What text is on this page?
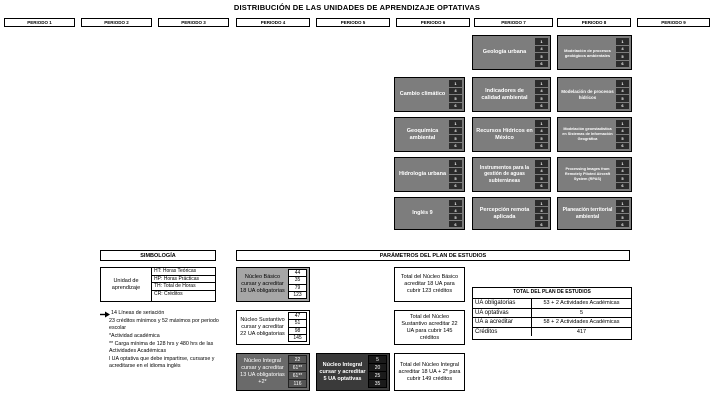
DISTRIBUCIÓN DE LAS UNIDADES DE APRENDIZAJE OPTATIVAS
PERIODO 1	PERIODO 2	PERIODO 3	PERIODO 4	PERIODO 5	PERIODO 6	PERIODO 7	PERIODO 8	PERIODO 9
Geología urbana
1
4
5
6
Modelación de procesos geológicos ambientales
1
4
5
6
Cambio climático
1
4
5
6
Indicadores de calidad ambiental
1
4
5
6
Modelación de procesos hídricos
1
4
5
6
Geoquímica ambiental
1
4
5
6
Recursos Hídricos en México
1
4
5
6
Modelación geoestadística en Sistemas de Información Geográfica
1
4
5
6
Hidrología urbana
1
4
5
6
Instrumentos para la gestión de aguas subterráneas
1
4
5
6
Processing Images from Remotely Piloted Aircraft System (RPAS)
1
4
5
6
Inglés 9
1
4
5
6
Percepción remota aplicada
1
4
5
6
Planeación territorial ambiental
1
4
5
6
SIMBOLOGÍA
Unidad de aprendizaje
HT: Horas Teóricas
HP: Horas Prácticas
TH: Total de Horas
CR: Créditos
14 Líneas de seriación
23 créditos mínimos y 52 máximos por periodo escolar
*Actividad académica
** Carga mínima de 128 hrs y 480 hrs de las Actividades Académicas
l UA optativa que debe impartirse, cursarse y acreditarse en el idioma inglés
PARÁMETROS DEL PLAN DE ESTUDIOS
Núcleo Básico cursar y acreditar 18 UA obligatorias
44
35
79
123
Núcleo Sustantivo cursar y acreditar 22 UA obligatorias
47
51
98
145
Núcleo Integral cursar y acreditar 13 UA obligatorias +2*
22
61**
61**
116
Núcleo Integral cursar y acreditar 5 UA optativas
5
20
25
35
Total del Núcleo Básico acreditar 18 UA para cubrir 123 créditos
Total del Núcleo Sustantivo acreditar 22 UA para cubrir 145 créditos
Total del Núcleo Integral acreditar 18 UA + 2* para cubrir 149 créditos
TOTAL DEL PLAN DE ESTUDIOS
UA obligatorias	53 + 2 Actividades Académicas
UA optativas	5
UA a acreditar	58 + 2 Actividades Académicas
Créditos	417
